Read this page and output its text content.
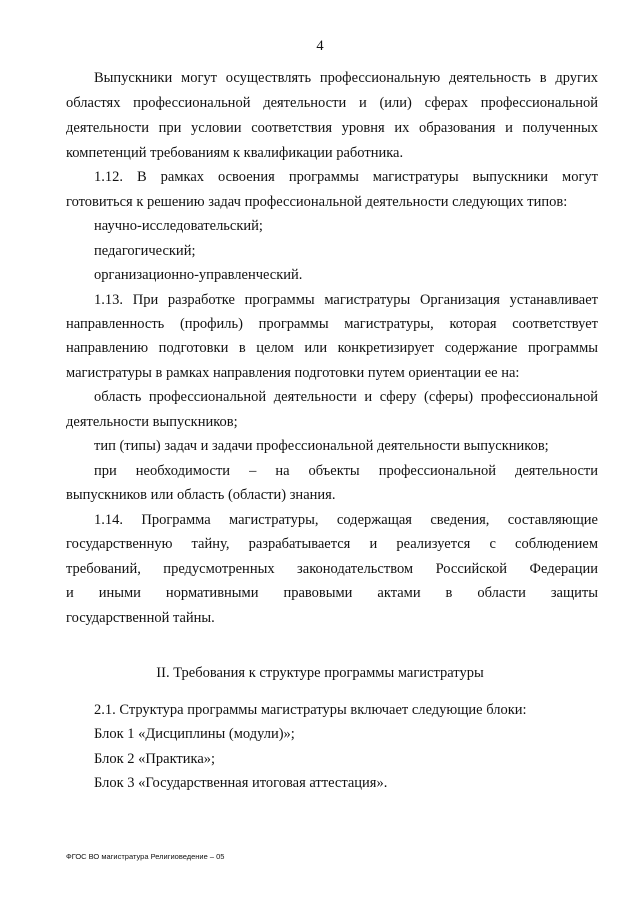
4
Выпускники могут осуществлять профессиональную деятельность в других
областях профессиональной деятельности и (или) сферах профессиональной
деятельности при условии соответствия уровня их образования и полученных
компетенций требованиям к квалификации работника.
1.12. В рамках освоения программы магистратуры выпускники могут
готовиться к решению задач профессиональной деятельности следующих типов:
научно-исследовательский;
педагогический;
организационно-управленческий.
1.13. При разработке программы магистратуры Организация устанавливает
направленность (профиль) программы магистратуры, которая соответствует
направлению подготовки в целом или конкретизирует содержание программы
магистратуры в рамках направления подготовки путем ориентации ее на:
область профессиональной деятельности и сферу (сферы) профессиональной
деятельности выпускников;
тип (типы) задач и задачи профессиональной деятельности выпускников;
при необходимости – на объекты профессиональной деятельности
выпускников или область (области) знания.
1.14. Программа магистратуры, содержащая сведения, составляющие
государственную тайну, разрабатывается и реализуется с соблюдением
требований, предусмотренных законодательством Российской Федерации
и иными нормативными правовыми актами в области защиты
государственной тайны.
II. Требования к структуре программы магистратуры
2.1. Структура программы магистратуры включает следующие блоки:
Блок 1 «Дисциплины (модули)»;
Блок 2 «Практика»;
Блок 3 «Государственная итоговая аттестация».
ФГОС ВО магистратура Религиоведение – 05
